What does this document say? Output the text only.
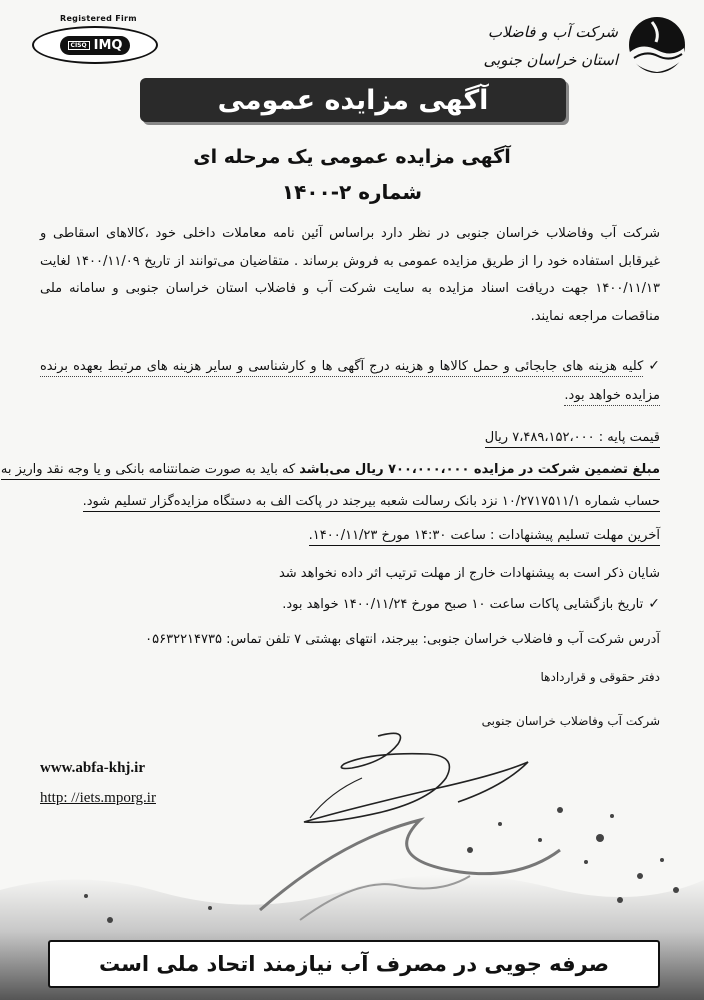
Registered Firm
CISQ IMQ
شرکت آب و فاضلاب
استان خراسان جنوبی
آگهی مزایده عمومی
آگهی مزایده عمومی یک مرحله ای
شماره ۲-۱۴۰۰
شرکت آب وفاضلاب خراسان جنوبی در نظر دارد براساس آئین نامه معاملات داخلی خود ،کالاهای اسقاطی و غیرقابل استفاده خود را از طریق مزایده عمومی به فروش برساند . متقاضیان می‌توانند از تاریخ ۱۴۰۰/۱۱/۰۹ لغایت ۱۴۰۰/۱۱/۱۳ جهت دریافت اسناد مزایده به سایت شرکت آب و فاضلاب استان خراسان جنوبی و سامانه ملی مناقصات مراجعه نمایند.
✓کلیه هزینه های جابجائی و حمل کالاها و هزینه درج آگهی ها و کارشناسی و سایر هزینه های مرتبط بعهده برنده مزایده خواهد بود.
قیمت پایه : ۷،۴۸۹،۱۵۲،۰۰۰ ریال
مبلغ تضمین شرکت در مزایده ۷۰۰،۰۰۰،۰۰۰ ریال می‌باشد که باید به صورت ضمانتنامه بانکی و یا وجه نقد واریز به
حساب شماره ۱۰/۲۷۱۷۵۱۱/۱ نزد بانک رسالت شعبه بیرجند در پاکت الف به دستگاه مزایده‌گزار تسلیم شود.
آخرین مهلت تسلیم پیشنهادات : ساعت ۱۴:۳۰ مورخ ۱۴۰۰/۱۱/۲۳.
شایان ذکر است به پیشنهادات خارج از مهلت ترتیب اثر داده نخواهد شد
✓تاریخ بازگشایی پاکات ساعت ۱۰ صبح مورخ ۱۴۰۰/۱۱/۲۴ خواهد بود.
آدرس شرکت آب و فاضلاب خراسان جنوبی: بیرجند، انتهای بهشتی ۷ تلفن تماس: ۰۵۶۳۲۲۱۴۷۳۵
دفتر حقوقی و قراردادها
شرکت آب وفاضلاب خراسان جنوبی
www.abfa-khj.ir
http: //iets.mporg.ir
صرفه جویی در مصرف آب نیازمند اتحاد ملی است
